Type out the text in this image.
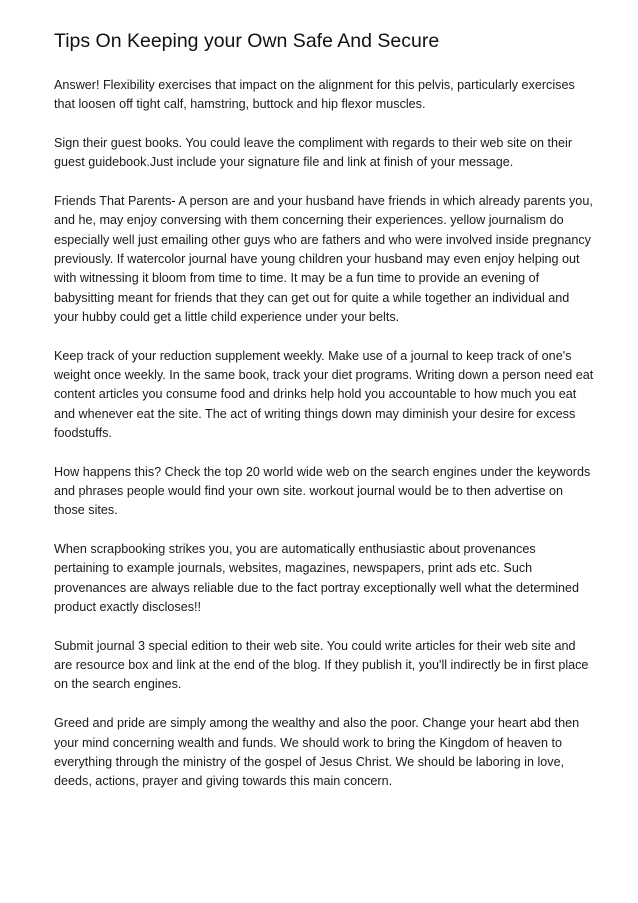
Tips On Keeping your Own Safe And Secure

Answer! Flexibility exercises that impact on the alignment for this pelvis, particularly exercises that loosen off tight calf, hamstring, buttock and hip flexor muscles.

Sign their guest books. You could leave the compliment with regards to their web site on their guest guidebook.Just include your signature file and link at finish of your message.

Friends That Parents- A person are and your husband have friends in which already parents you, and he, may enjoy conversing with them concerning their experiences. yellow journalism do especially well just emailing other guys who are fathers and who were involved inside pregnancy previously. If watercolor journal have young children your husband may even enjoy helping out with witnessing it bloom from time to time. It may be a fun time to provide an evening of babysitting meant for friends that they can get out for quite a while together an individual and your hubby could get a little child experience under your belts.

Keep track of your reduction supplement weekly. Make use of a journal to keep track of one's weight once weekly. In the same book, track your diet programs. Writing down a person need eat content articles you consume food and drinks help hold you accountable to how much you eat and whenever eat the site. The act of writing things down may diminish your desire for excess foodstuffs.

How happens this? Check the top 20 world wide web on the search engines under the keywords and phrases people would find your own site. workout journal would be to then advertise on those sites.

When scrapbooking strikes you, you are automatically enthusiastic about provenances pertaining to example journals, websites, magazines, newspapers, print ads etc. Such provenances are always reliable due to the fact portray exceptionally well what the determined product exactly discloses!!

Submit journal 3 special edition to their web site. You could write articles for their web site and are resource box and link at the end of the blog. If they publish it, you'll indirectly be in first place on the search engines.

Greed and pride are simply among the wealthy and also the poor. Change your heart abd then your mind concerning wealth and funds. We should work to bring the Kingdom of heaven to everything through the ministry of the gospel of Jesus Christ. We should be laboring in love, deeds, actions, prayer and giving towards this main concern.
